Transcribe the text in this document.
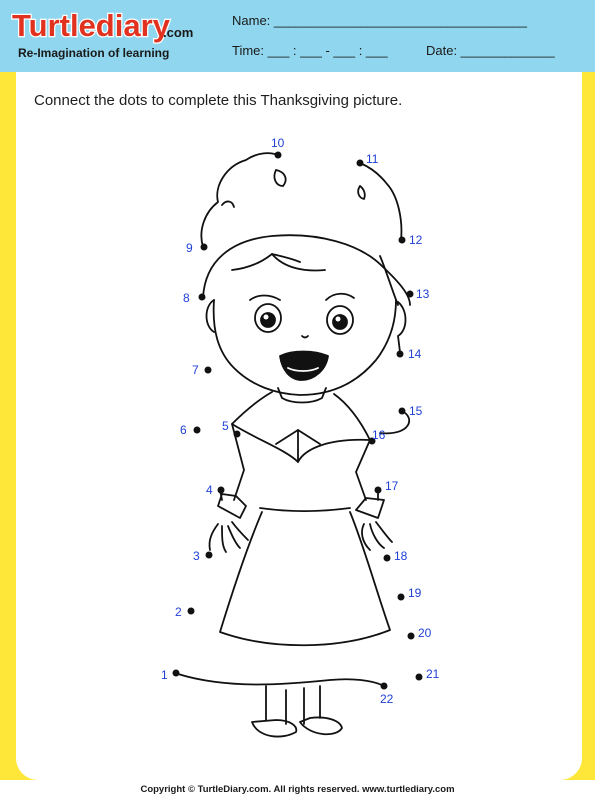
Turtlediary
.com
Re-Imagination of learning
Name: ___________________________________
Time: ___ : ___ - ___ : ___	Date: _____________
Connect the dots to complete this Thanksgiving picture.
1
2
3
4
5
6
7
8
9
10
11
12
13
14
15
16
17
18
19
20
21
22
Copyright © TurtleDiary.com. All rights reserved. www.turtlediary.com
